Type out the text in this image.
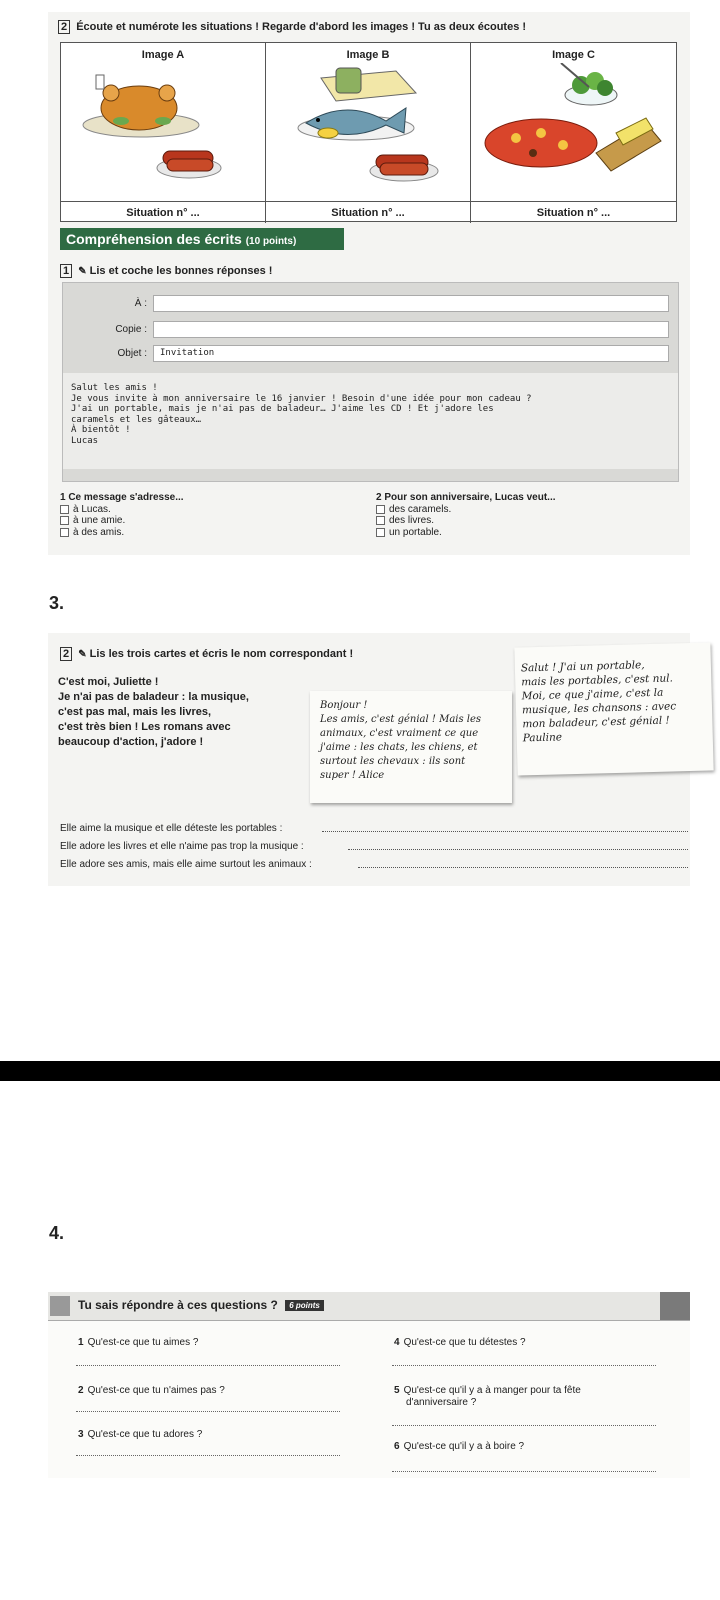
2 Écoute et numérote les situations ! Regarde d'abord les images ! Tu as deux écoutes !
Image A
Situation n° ...
Image B
Situation n° ...
Image C
Situation n° ...
Compréhension des écrits (10 points)
1 ✎ Lis et coche les bonnes réponses !
À :
Copie :
Objet :	Invitation
Salut les amis !
Je vous invite à mon anniversaire le 16 janvier ! Besoin d'une idée pour mon cadeau ?
J'ai un portable, mais je n'ai pas de baladeur… J'aime les CD ! Et j'adore les
caramels et les gâteaux…
À bientôt !
Lucas
1 Ce message s'adresse...
à Lucas.
à une amie.
à des amis.
2 Pour son anniversaire, Lucas veut...
des caramels.
des livres.
un portable.
3.
2 ✎ Lis les trois cartes et écris le nom correspondant !
C'est moi, Juliette !
Je n'ai pas de baladeur : la musique,
c'est pas mal, mais les livres,
c'est très bien ! Les romans avec
beaucoup d'action, j'adore !
Bonjour !
Les amis, c'est génial ! Mais les
animaux, c'est vraiment ce que
j'aime : les chats, les chiens, et
surtout les chevaux : ils sont
super ! Alice
Salut ! J'ai un portable,
mais les portables, c'est nul.
Moi, ce que j'aime, c'est la
musique, les chansons : avec
mon baladeur, c'est génial !
Pauline
Elle aime la musique et elle déteste les portables :
Elle adore les livres et elle n'aime pas trop la musique :
Elle adore ses amis, mais elle aime surtout les animaux :
4.
Tu sais répondre à ces questions ? 6 points
1 Qu'est-ce que tu aimes ?
2 Qu'est-ce que tu n'aimes pas ?
3 Qu'est-ce que tu adores ?
4 Qu'est-ce que tu détestes ?
5 Qu'est-ce qu'il y a à manger pour ta fête
d'anniversaire ?
6 Qu'est-ce qu'il y a à boire ?
